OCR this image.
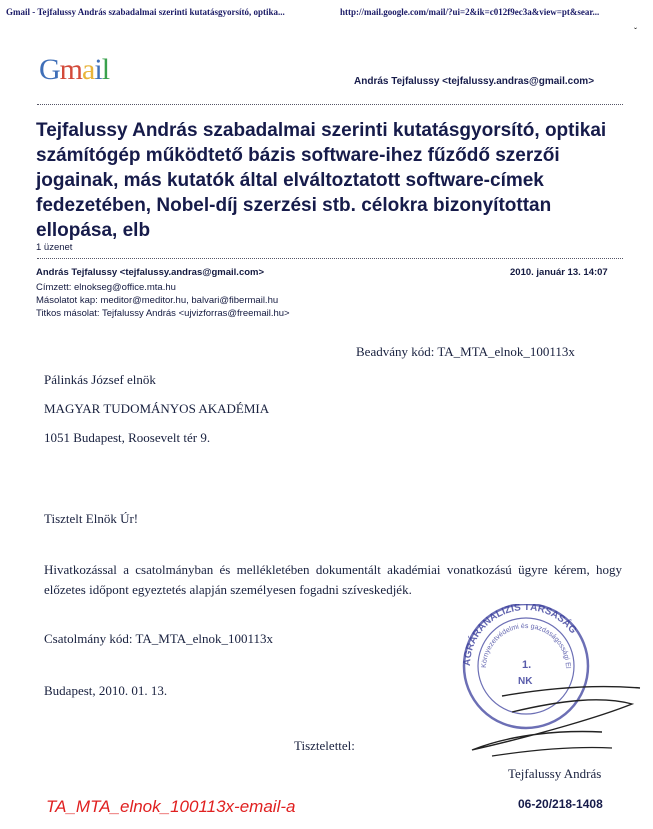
Gmail - Tejfalussy András szabadalmai szerinti kutatásgyorsító, optika...	http://mail.google.com/mail/?ui=2&ik=c012f9ec3a&view=pt&sear...
ˇ
Gmail	András Tejfalussy <tejfalussy.andras@gmail.com>
Tejfalussy András szabadalmai szerinti kutatásgyorsító, optikai számítógép működtető bázis software-ihez fűződő szerzői jogainak, más kutatók által elváltoztatott software-címek fedezetében, Nobel-díj szerzési stb. célokra bizonyítottan ellopása, elb
1 üzenet
András Tejfalussy <tejfalussy.andras@gmail.com>	2010. január 13. 14:07
Címzett: elnokseg@office.mta.hu
Másolatot kap: meditor@meditor.hu, balvari@fibermail.hu
Titkos másolat: Tejfalussy András <ujvizforras@freemail.hu>
Beadvány kód: TA_MTA_elnok_100113x
Pálinkás József elnök
MAGYAR TUDOMÁNYOS AKADÉMIA
1051 Budapest, Roosevelt tér 9.
Tisztelt Elnök Úr!
Hivatkozással a csatolmányban és mellékletében dokumentált akadémiai vonatkozású ügyre kérem, hogy előzetes időpont egyeztetés alapján személyesen fogadni szíveskedjék.
Csatolmány kód: TA_MTA_elnok_100113x
Budapest, 2010. 01. 13.
Tisztelettel:
Tejfalussy András
06-20/218-1408
AGRÁRANALIZIS TÁRSASÁG
Környezetvédelmi és gazdaságossági El
1.
NK
TA_MTA_elnok_100113x-email-a
